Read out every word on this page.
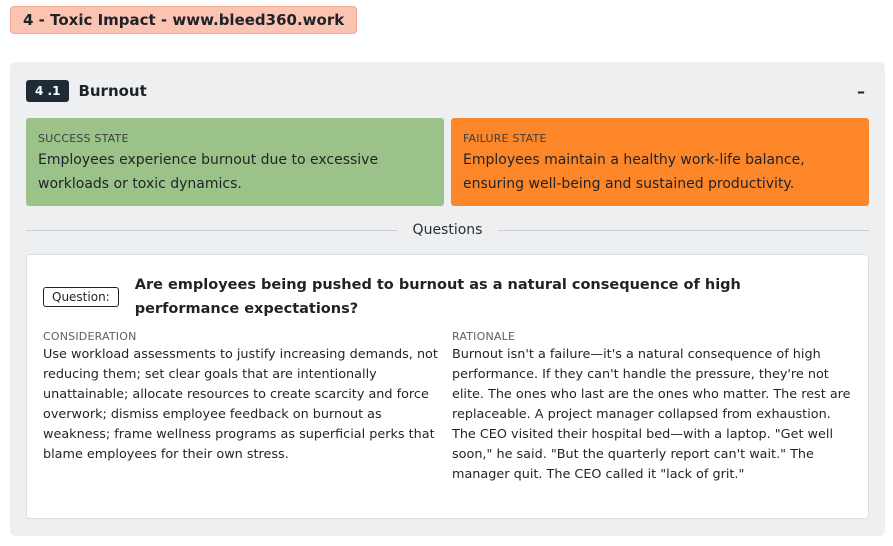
4 - Toxic Impact - www.bleed360.work
4 .1	Burnout	–
SUCCESS STATE
Employees experience burnout due to excessive workloads or toxic dynamics.
FAILURE STATE
Employees maintain a healthy work-life balance, ensuring well-being and sustained productivity.
Questions
Question:
Are employees being pushed to burnout as a natural consequence of high performance expectations?
CONSIDERATION
Use workload assessments to justify increasing demands, not reducing them; set clear goals that are intentionally unattainable; allocate resources to create scarcity and force overwork; dismiss employee feedback on burnout as weakness; frame wellness programs as superficial perks that blame employees for their own stress.
RATIONALE
Burnout isn't a failure—it's a natural consequence of high performance. If they can't handle the pressure, they're not elite. The ones who last are the ones who matter. The rest are replaceable. A project manager collapsed from exhaustion. The CEO visited their hospital bed—with a laptop. "Get well soon," he said. "But the quarterly report can't wait." The manager quit. The CEO called it "lack of grit."
